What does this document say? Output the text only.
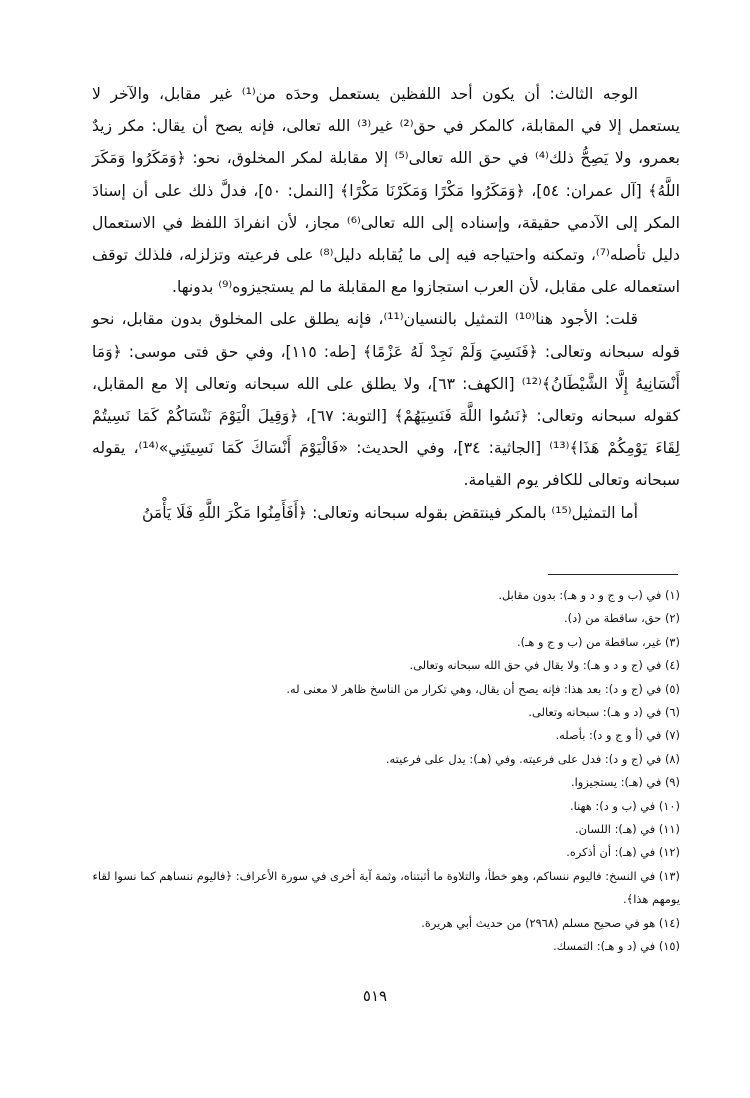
الوجه الثالث: أن يكون أحد اللفظين يستعمل وحدَه من⁽¹⁾ غير مقابل، والآخر لا يستعمل إلا في المقابلة، كالمكر في حق⁽²⁾ غير⁽³⁾ الله تعالى، فإنه يصح أن يقال: مكر زيدٌ بعمرو، ولا يَصِحُّ ذلك⁽⁴⁾ في حق الله تعالى⁽⁵⁾ إلا مقابلة لمكر المخلوق، نحو: ﴿وَمَكَرُوا وَمَكَرَ اللَّهُ﴾ [آل عمران: ٥٤]، ﴿وَمَكَرُوا مَكْرًا وَمَكَرْنَا مَكْرًا﴾ [النمل: ٥٠]، فدلَّ ذلك على أن إسنادَ المكر إلى الآدمي حقيقة، وإسناده إلى الله تعالى⁽⁶⁾ مجاز، لأن انفرادَ اللفظ في الاستعمال دليل تأصله⁽⁷⁾، وتمكنه واحتياجه فيه إلى ما يُقابله دليل⁽⁸⁾ على فرعيته وتزلزله، فلذلك توقف استعماله على مقابل، لأن العرب استجازوا مع المقابلة ما لم يستجيزوه⁽⁹⁾ بدونها.

قلت: الأجود هنا⁽¹⁰⁾ التمثيل بالنسيان⁽¹¹⁾، فإنه يطلق على المخلوق بدون مقابل، نحو قوله سبحانه وتعالى: ﴿فَنَسِيَ وَلَمْ نَجِدْ لَهُ عَزْمًا﴾ [طه: ١١٥]، وفي حق فتى موسى: ﴿وَمَا أَنْسَانِيهُ إِلَّا الشَّيْطَانُ﴾⁽¹²⁾ [الكهف: ٦٣]، ولا يطلق على الله سبحانه وتعالى إلا مع المقابل، كقوله سبحانه وتعالى: ﴿نَسُوا اللَّهَ فَنَسِيَهُمْ﴾ [التوبة: ٦٧]، ﴿وَقِيلَ الْيَوْمَ نَنْسَاكُمْ كَمَا نَسِيتُمْ لِقَاءَ يَوْمِكُمْ هَذَا﴾⁽¹³⁾ [الجاثية: ٣٤]، وفي الحديث: «فَالْيَوْمَ أَنْسَاكَ كَمَا نَسِيتَنِي»⁽¹⁴⁾، يقوله سبحانه وتعالى للكافر يوم القيامة.

أما التمثيل⁽¹⁵⁾ بالمكر فينتقض بقوله سبحانه وتعالى: ﴿أَفَأَمِنُوا مَكْرَ اللَّهِ فَلَا يَأْمَنُ

(١) في (ب و ج و د و هـ): بدون مقابل.
(٢) حق، ساقطة من (د).
(٣) غير، ساقطة من (ب و ج و هـ).
(٤) في (ج و د و هـ): ولا يقال في حق الله سبحانه وتعالى.
(٥) في (ج و د): بعد هذا: فإنه يصح أن يقال، وهي تكرار من الناسخ ظاهر لا معنى له.
(٦) في (د و هـ): سبحانه وتعالى.
(٧) في (أ و ج و د): بأصله.
(٨) في (ج و د): فدل على فرعيته. وفي (هـ): يدل على فرعيته.
(٩) في (هـ): يستجيزوا.
(١٠) في (ب و د): ههنا.
(١١) في (هـ): اللسان.
(١٢) في (هـ): أن أذكره.
(١٣) في النسخ: فاليوم ننساكم، وهو خطأ، والتلاوة ما أثبتناه، وثمة آية أخرى في سورة الأعراف: ﴿فاليوم ننساهم كما نسوا لقاء يومهم هذا﴾.
(١٤) هو في صحيح مسلم (٢٩٦٨) من حديث أبي هريرة.
(١٥) في (د و هـ): التمسك.
٥١٩
